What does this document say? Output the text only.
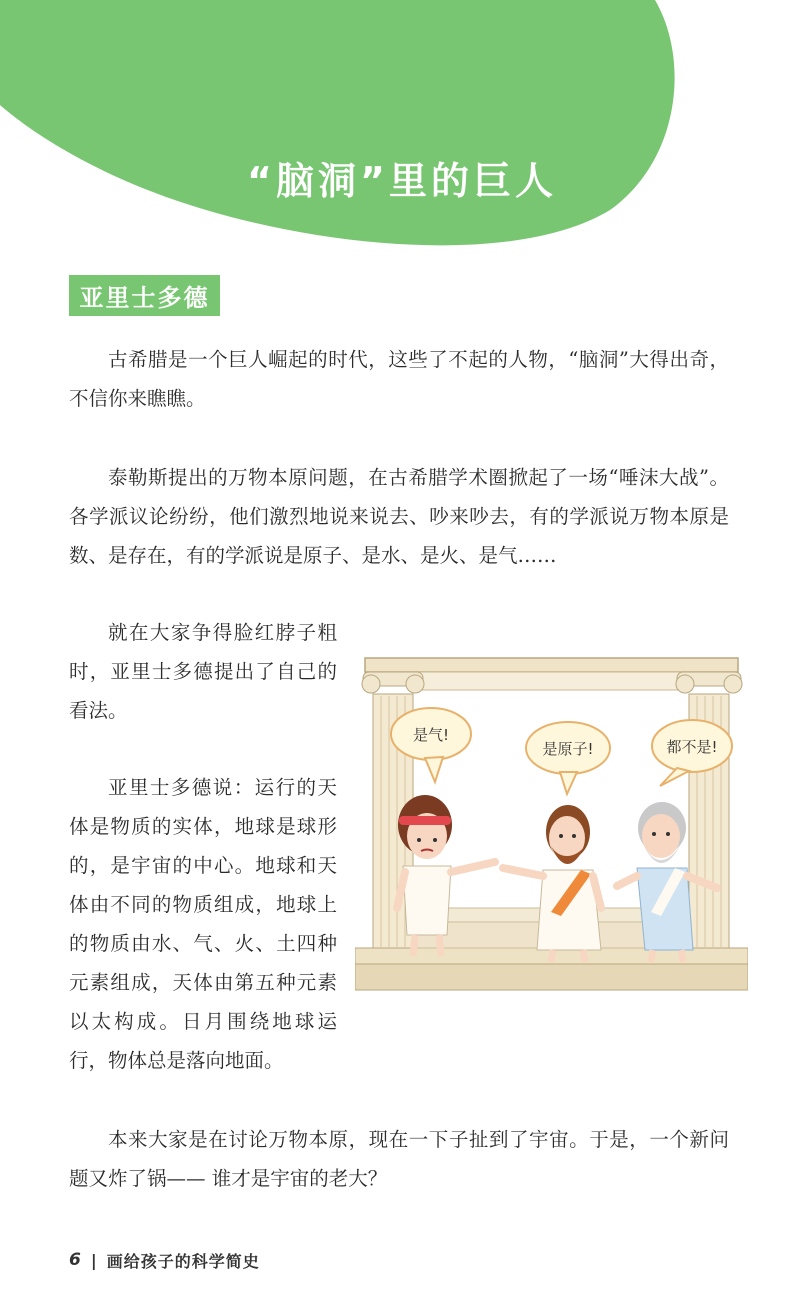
“脑洞”里的巨人
亚里士多德

古希腊是一个巨人崛起的时代，这些了不起的人物，“脑洞”大得出奇，不信你来瞧瞧。

泰勒斯提出的万物本原问题，在古希腊学术圈掀起了一场“唾沫大战”。各学派议论纷纷，他们激烈地说来说去、吵来吵去，有的学派说万物本原是数、是存在，有的学派说是原子、是水、是火、是气……

就在大家争得脸红脖子粗时，亚里士多德提出了自己的看法。

亚里士多德说：运行的天体是物质的实体，地球是球形的，是宇宙的中心。地球和天体由不同的物质组成，地球上的物质由水、气、火、土四种元素组成，天体由第五种元素以太构成。日月围绕地球运行，物体总是落向地面。

本来大家是在讨论万物本原，现在一下子扯到了宇宙。于是，一个新问题又炸了锅—— 谁才是宇宙的老大？

是气!
是原子!	都不是!
6 | 画给孩子的科学简史
